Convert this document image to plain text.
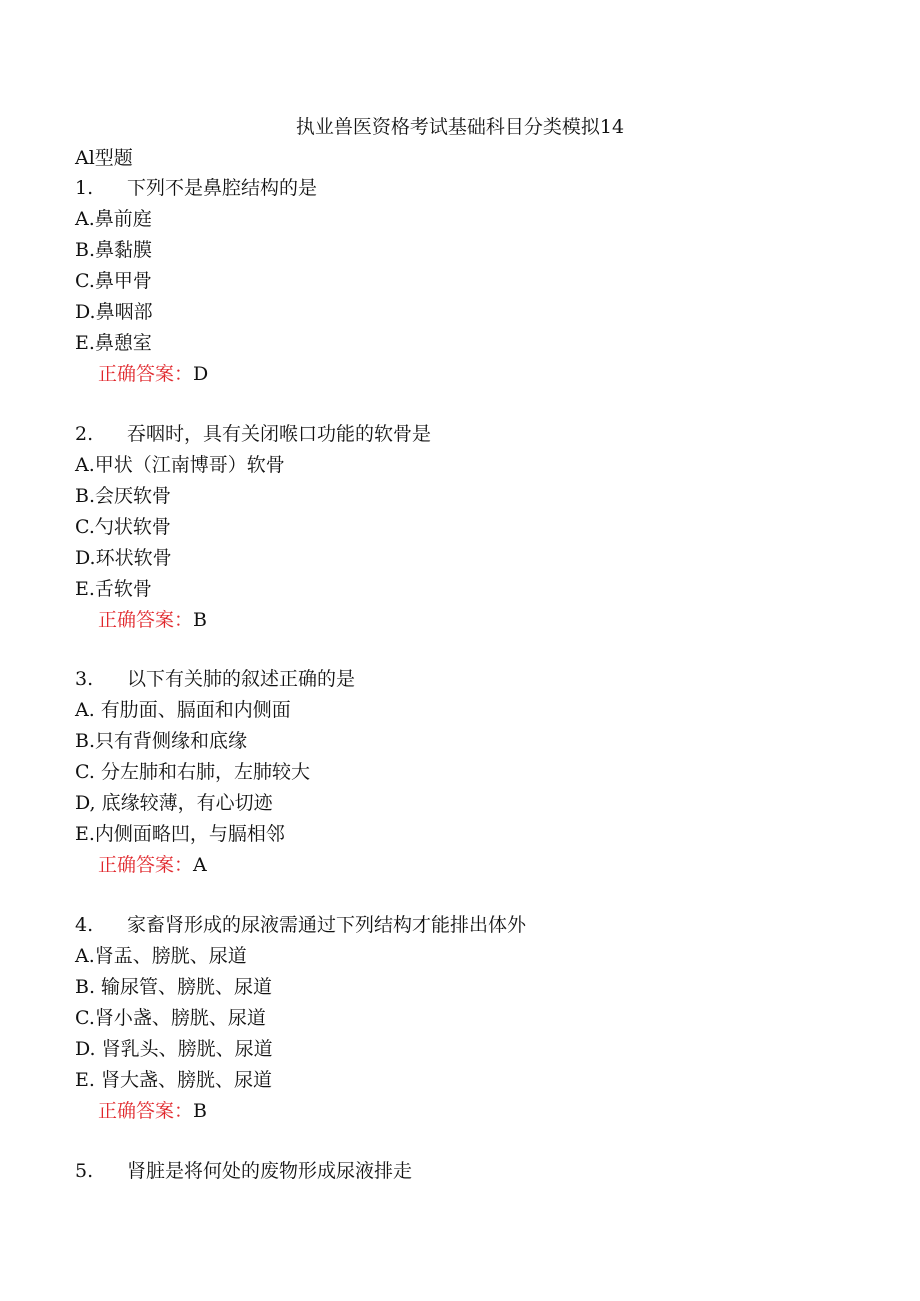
执业兽医资格考试基础科目分类模拟14
Al型题
1. 下列不是鼻腔结构的是
A.鼻前庭
B.鼻黏膜
C.鼻甲骨
D.鼻咽部
E.鼻憩室
正确答案：D
2. 吞咽时，具有关闭喉口功能的软骨是
A.甲状（江南博哥）软骨
B.会厌软骨
C.勺状软骨
D.环状软骨
E.舌软骨
正确答案：B
3. 以下有关肺的叙述正确的是
A. 有肋面、膈面和内侧面
B.只有背侧缘和底缘
C. 分左肺和右肺，左肺较大
D, 底缘较薄，有心切迹
E.内侧面略凹，与膈相邻
正确答案：A
4. 家畜肾形成的尿液需通过下列结构才能排出体外
A.肾盂、膀胱、尿道
B. 输尿管、膀胱、尿道
C.肾小盏、膀胱、尿道
D. 肾乳头、膀胱、尿道
E. 肾大盏、膀胱、尿道
正确答案：B
5. 肾脏是将何处的废物形成尿液排走
